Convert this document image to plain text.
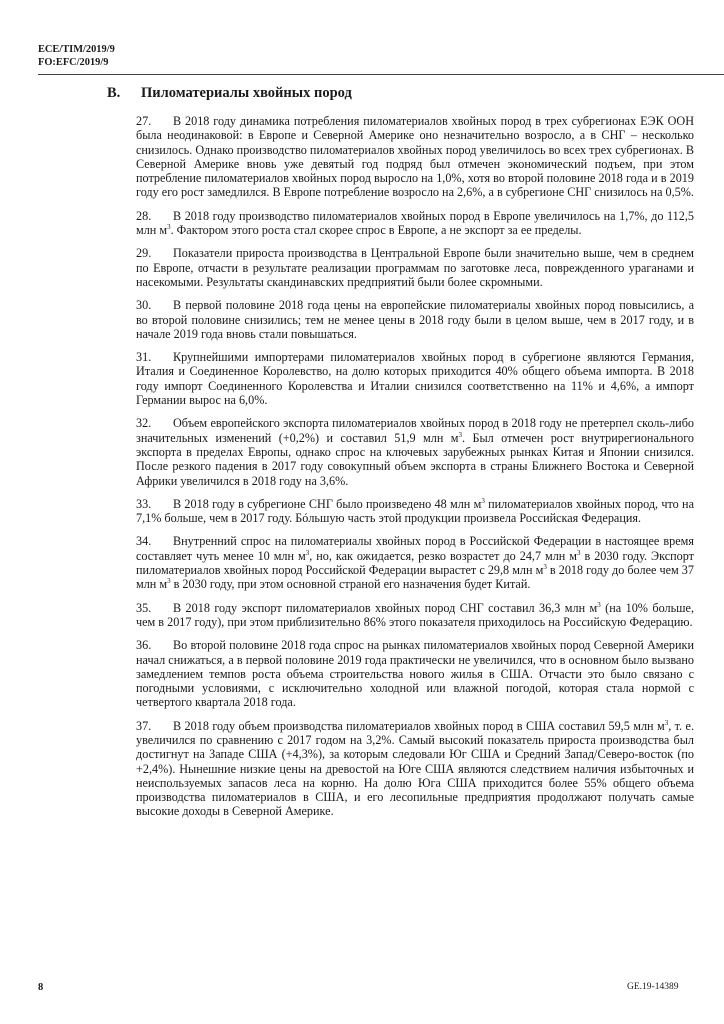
ECE/TIM/2019/9
FO:EFC/2019/9
B. Пиломатериалы хвойных пород

27. В 2018 году динамика потребления пиломатериалов хвойных пород в трех субрегионах ЕЭК ООН была неодинаковой: в Европе и Северной Америке оно незначительно возросло, а в СНГ – несколько снизилось. Однако производство пиломатериалов хвойных пород увеличилось во всех трех субрегионах. В Северной Америке вновь уже девятый год подряд был отмечен экономический подъем, при этом потребление пиломатериалов хвойных пород выросло на 1,0%, хотя во второй половине 2018 года и в 2019 году его рост замедлился. В Европе потребление возросло на 2,6%, а в субрегионе СНГ снизилось на 0,5%.

28. В 2018 году производство пиломатериалов хвойных пород в Европе увеличилось на 1,7%, до 112,5 млн $м^3$. Фактором этого роста стал скорее спрос в Европе, а не экспорт за ее пределы.

29. Показатели прироста производства в Центральной Европе были значительно выше, чем в среднем по Европе, отчасти в результате реализации программам по заготовке леса, поврежденного ураганами и насекомыми. Результаты скандинавских предприятий были более скромными.

30. В первой половине 2018 года цены на европейские пиломатериалы хвойных пород повысились, а во второй половине снизились; тем не менее цены в 2018 году были в целом выше, чем в 2017 году, и в начале 2019 года вновь стали повышаться.

31. Крупнейшими импортерами пиломатериалов хвойных пород в субрегионе являются Германия, Италия и Соединенное Королевство, на долю которых приходится 40% общего объема импорта. В 2018 году импорт Соединенного Королевства и Италии снизился соответственно на 11% и 4,6%, а импорт Германии вырос на 6,0%.

32. Объем европейского экспорта пиломатериалов хвойных пород в 2018 году не претерпел сколь-либо значительных изменений (+0,2%) и составил 51,9 млн $м^3$. Был отмечен рост внутрирегионального экспорта в пределах Европы, однако спрос на ключевых зарубежных рынках Китая и Японии снизился. После резкого падения в 2017 году совокупный объем экспорта в страны Ближнего Востока и Северной Африки увеличился в 2018 году на 3,6%.

33. В 2018 году в субрегионе СНГ было произведено 48 млн $м^3$ пиломатериалов хвойных пород, что на 7,1% больше, чем в 2017 году. Бóльшую часть этой продукции произвела Российская Федерация.

34. Внутренний спрос на пиломатериалы хвойных пород в Российской Федерации в настоящее время составляет чуть менее 10 млн $м^3$, но, как ожидается, резко возрастет до 24,7 млн $м^3$ в 2030 году. Экспорт пиломатериалов хвойных пород Российской Федерации вырастет с 29,8 млн $м^3$ в 2018 году до более чем 37 млн $м^3$ в 2030 году, при этом основной страной его назначения будет Китай.

35. В 2018 году экспорт пиломатериалов хвойных пород СНГ составил 36,3 млн $м^3$ (на 10% больше, чем в 2017 году), при этом приблизительно 86% этого показателя приходилось на Российскую Федерацию.

36. Во второй половине 2018 года спрос на рынках пиломатериалов хвойных пород Северной Америки начал снижаться, а в первой половине 2019 года практически не увеличился, что в основном было вызвано замедлением темпов роста объема строительства нового жилья в США. Отчасти это было связано с погодными условиями, с исключительно холодной или влажной погодой, которая стала нормой с четвертого квартала 2018 года.

37. В 2018 году объем производства пиломатериалов хвойных пород в США составил 59,5 млн $м^3$, т. е. увеличился по сравнению с 2017 годом на 3,2%. Самый высокий показатель прироста производства был достигнут на Западе США (+4,3%), за которым следовали Юг США и Средний Запад/Северо-восток (по +2,4%). Нынешние низкие цены на древостой на Юге США являются следствием наличия избыточных и неиспользуемых запасов леса на корню. На долю Юга США приходится более 55% общего объема производства пиломатериалов в США, и его лесопильные предприятия продолжают получать самые высокие доходы в Северной Америке.

8	GE.19-14389
